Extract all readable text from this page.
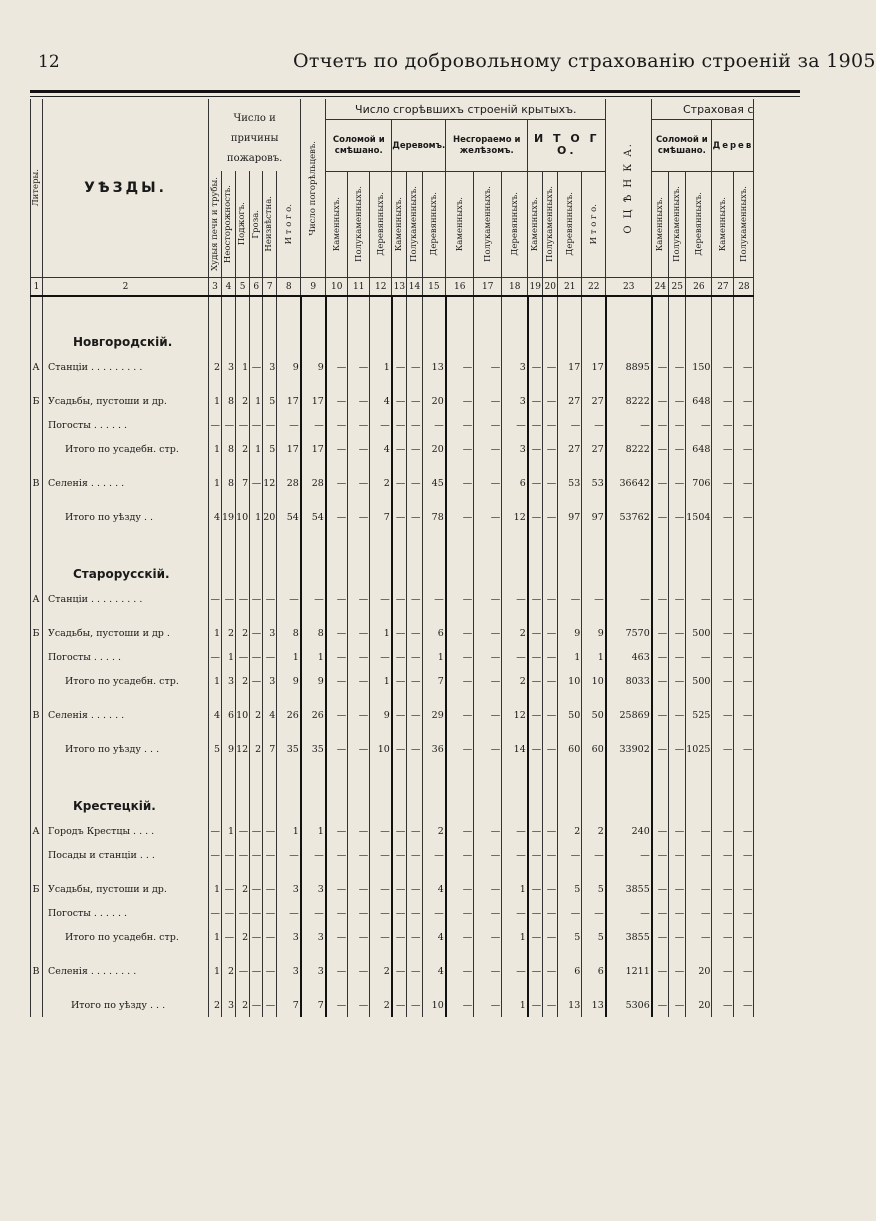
12	Отчетъ по добровольному страхованію строеній за 1905
Литеры.	УѢЗДЫ.	Число и причины пожаровъ.						Число погорѣльцевъ.	Число сгорѣвшихъ строеній крытыхъ.													О Ц Ѣ Н К А.	Страховая с				
									Соломой и смѣшано.			Деревомъ.			Несгораемо и желѣзомъ.			И Т О Г О.					Соломой и смѣшано.			Дерев	

		Худыя печи и трубы.	Неосторожность.	Поджогъ.	Гроза.	Неизвѣстна.	И т о г о.		Каменныхъ.	Полукаменныхъ.	Деревянныхъ.	Каменныхъ.	Полукаменныхъ.	Деревянныхъ.	Каменныхъ.	Полукаменныхъ.	Деревянныхъ.	Каменныхъ.	Полукаменныхъ.	Деревянныхъ.	И т о г о.		Каменныхъ.	Полукаменныхъ.	Деревянныхъ.	Каменныхъ.	Полукаменныхъ.

1	2	3	4	5	6	7	8	9	10	11	12	13	14	15	16	17	18	19	20	21	22	23	24	25	26	27	28
	Новгородскій.																										
А	Станціи . . . . . . . . .	2	3	1	—	3	9	9	—	—	1	—	—	13	—	—	3	—	—	17	17	8895	—	—	150	—	—

Б	Усадьбы, пустоши и др.	1	8	2	1	5	17	17	—	—	4	—	—	20	—	—	3	—	—	27	27	8222	—	—	648	—	—
	Погосты . . . . . .	—	—	—	—	—	—	—	—	—	—	—	—	—	—	—	—	—	—	—	—	—	—	—	—	—	—
	Итого по усадебн. стр.	1	8	2	1	5	17	17	—	—	4	—	—	20	—	—	3	—	—	27	27	8222	—	—	648	—	—

В	Селенія . . . . . .	1	8	7	—	12	28	28	—	—	2	—	—	45	—	—	6	—	—	53	53	36642	—	—	706	—	—

	Итого по уѣзду . .	4	19	10	1	20	54	54	—	—	7	—	—	78	—	—	12	—	—	97	97	53762	—	—	1504	—	—
	Старорусскій.																										
А	Станціи . . . . . . . . .	—	—	—	—	—	—	—	—	—	—	—	—	—	—	—	—	—	—	—	—	—	—	—	—	—	—

Б	Усадьбы, пустоши и др .	1	2	2	—	3	8	8	—	—	1	—	—	6	—	—	2	—	—	9	9	7570	—	—	500	—	—
	Погосты . . . . .	—	1	—	—	—	1	1	—	—	—	—	—	1	—	—	—	—	—	1	1	463	—	—	—	—	—
	Итого по усадебн. стр.	1	3	2	—	3	9	9	—	—	1	—	—	7	—	—	2	—	—	10	10	8033	—	—	500	—	—

В	Селенія . . . . . .	4	6	10	2	4	26	26	—	—	9	—	—	29	—	—	12	—	—	50	50	25869	—	—	525	—	—

	Итого по уѣзду . . .	5	9	12	2	7	35	35	—	—	10	—	—	36	—	—	14	—	—	60	60	33902	—	—	1025	—	—
	Крестецкій.																										
А	Городъ Крестцы . . . .	—	1	—	—	—	1	1	—	—	—	—	—	2	—	—	—	—	—	2	2	240	—	—	—	—	—
	Посады и станціи . . .	—	—	—	—	—	—	—	—	—	—	—	—	—	—	—	—	—	—	—	—	—	—	—	—	—	—

Б	Усадьбы, пустоши и др.	1	—	2	—	—	3	3	—	—	—	—	—	4	—	—	1	—	—	5	5	3855	—	—	—	—	—
	Погосты . . . . . .	—	—	—	—	—	—	—	—	—	—	—	—	—	—	—	—	—	—	—	—	—	—	—	—	—	—
	Итого по усадебн. стр.	1	—	2	—	—	3	3	—	—	—	—	—	4	—	—	1	—	—	5	5	3855	—	—	—	—	—

В	Селенія . . . . . . . .	1	2	—	—	—	3	3	—	—	2	—	—	4	—	—	—	—	—	6	6	1211	—	—	20	—	—

	Итого по уѣзду . . .	2	3	2	—	—	7	7	—	—	2	—	—	10	—	—	1	—	—	13	13	5306	—	—	20	—	—
